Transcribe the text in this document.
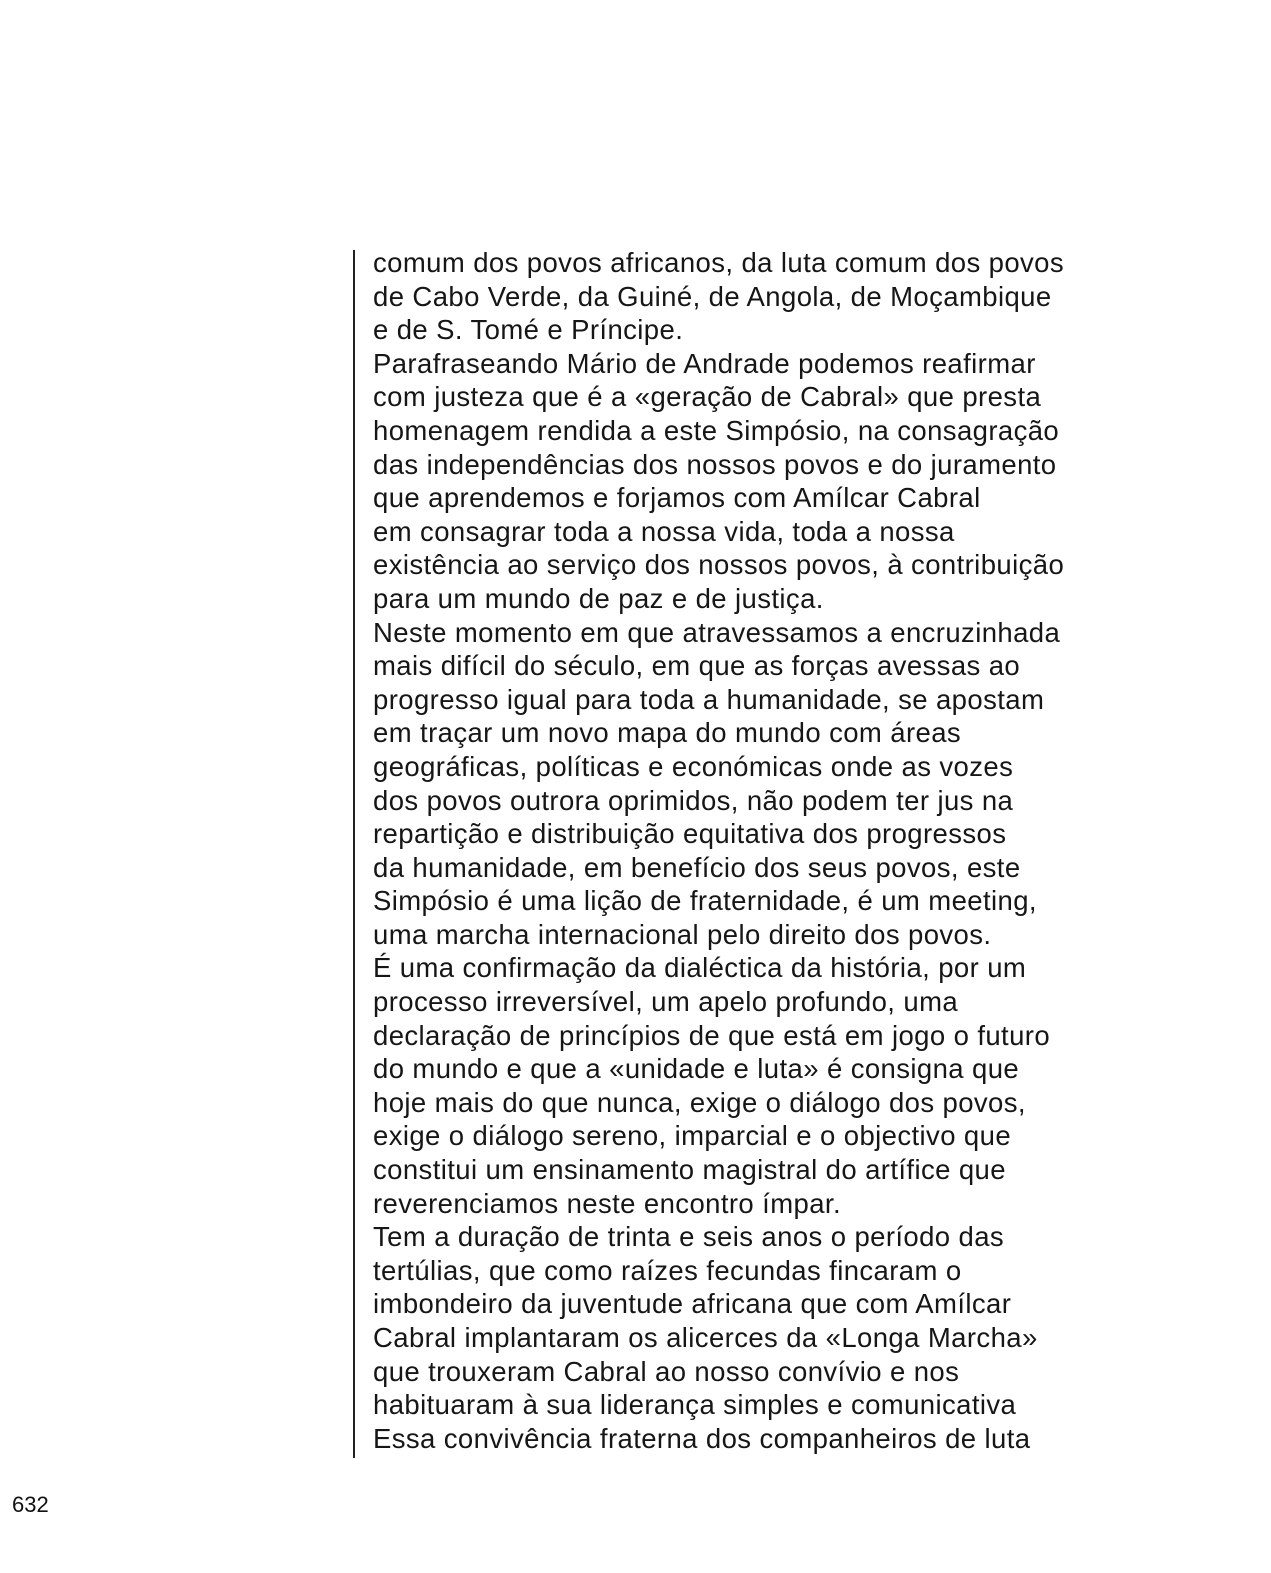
comum dos povos africanos, da luta comum dos povos
de Cabo Verde, da Guiné, de Angola, de Moçambique
e de S. Tomé e Príncipe.
Parafraseando Mário de Andrade podemos reafirmar
com justeza que é a «geração de Cabral» que presta
homenagem rendida a este Simpósio, na consagração
das independências dos nossos povos e do juramento
que aprendemos e forjamos com Amílcar Cabral
em consagrar toda a nossa vida, toda a nossa
existência ao serviço dos nossos povos, à contribuição
para um mundo de paz e de justiça.
Neste momento em que atravessamos a encruzinhada
mais difícil do século, em que as forças avessas ao
progresso igual para toda a humanidade, se apostam
em traçar um novo mapa do mundo com áreas
geográficas, políticas e económicas onde as vozes
dos povos outrora oprimidos, não podem ter jus na
repartição e distribuição equitativa dos progressos
da humanidade, em benefício dos seus povos, este
Simpósio é uma lição de fraternidade, é um meeting,
uma marcha internacional pelo direito dos povos.
É uma confirmação da dialéctica da história, por um
processo irreversível, um apelo profundo, uma
declaração de princípios de que está em jogo o futuro
do mundo e que a «unidade e luta» é consigna que
hoje mais do que nunca, exige o diálogo dos povos,
exige o diálogo sereno, imparcial e o objectivo que
constitui um ensinamento magistral do artífice que
reverenciamos neste encontro ímpar.
Tem a duração de trinta e seis anos o período das
tertúlias, que como raízes fecundas fincaram o
imbondeiro da juventude africana que com Amílcar
Cabral implantaram os alicerces da «Longa Marcha»
que trouxeram Cabral ao nosso convívio e nos
habituaram à sua liderança simples e comunicativa
Essa convivência fraterna dos companheiros de luta
632
